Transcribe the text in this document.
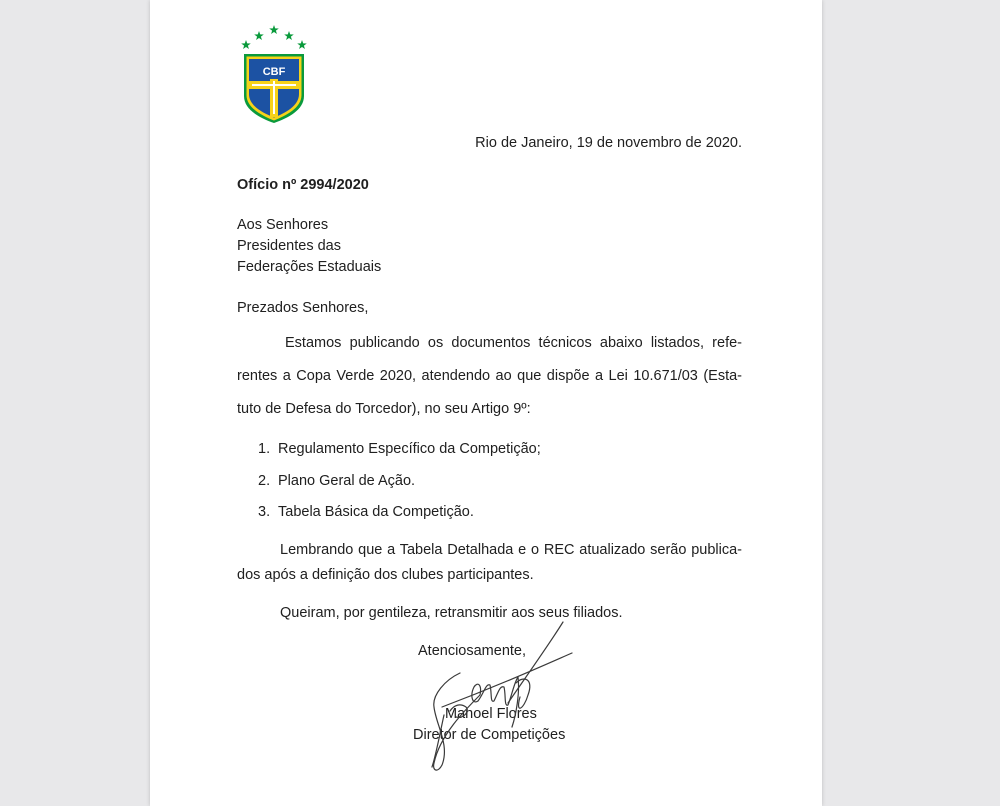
CBF
Rio de Janeiro, 19 de novembro de 2020.
Ofício nº 2994/2020
Aos Senhores
Presidentes das
Federações Estaduais
Prezados Senhores,
Estamos publicando os documentos técnicos abaixo listados, refe-
rentes a Copa Verde 2020, atendendo ao que dispõe a Lei 10.671/03 (Esta-
tuto de Defesa do Torcedor), no seu Artigo 9º:
1. Regulamento Específico da Competição;
2. Plano Geral de Ação.
3. Tabela Básica da Competição.
Lembrando que a Tabela Detalhada e o REC atualizado serão publica-
dos após a definição dos clubes participantes.
Queiram, por gentileza, retransmitir aos seus filiados.
Atenciosamente,
Manoel Flores
Diretor de Competições
